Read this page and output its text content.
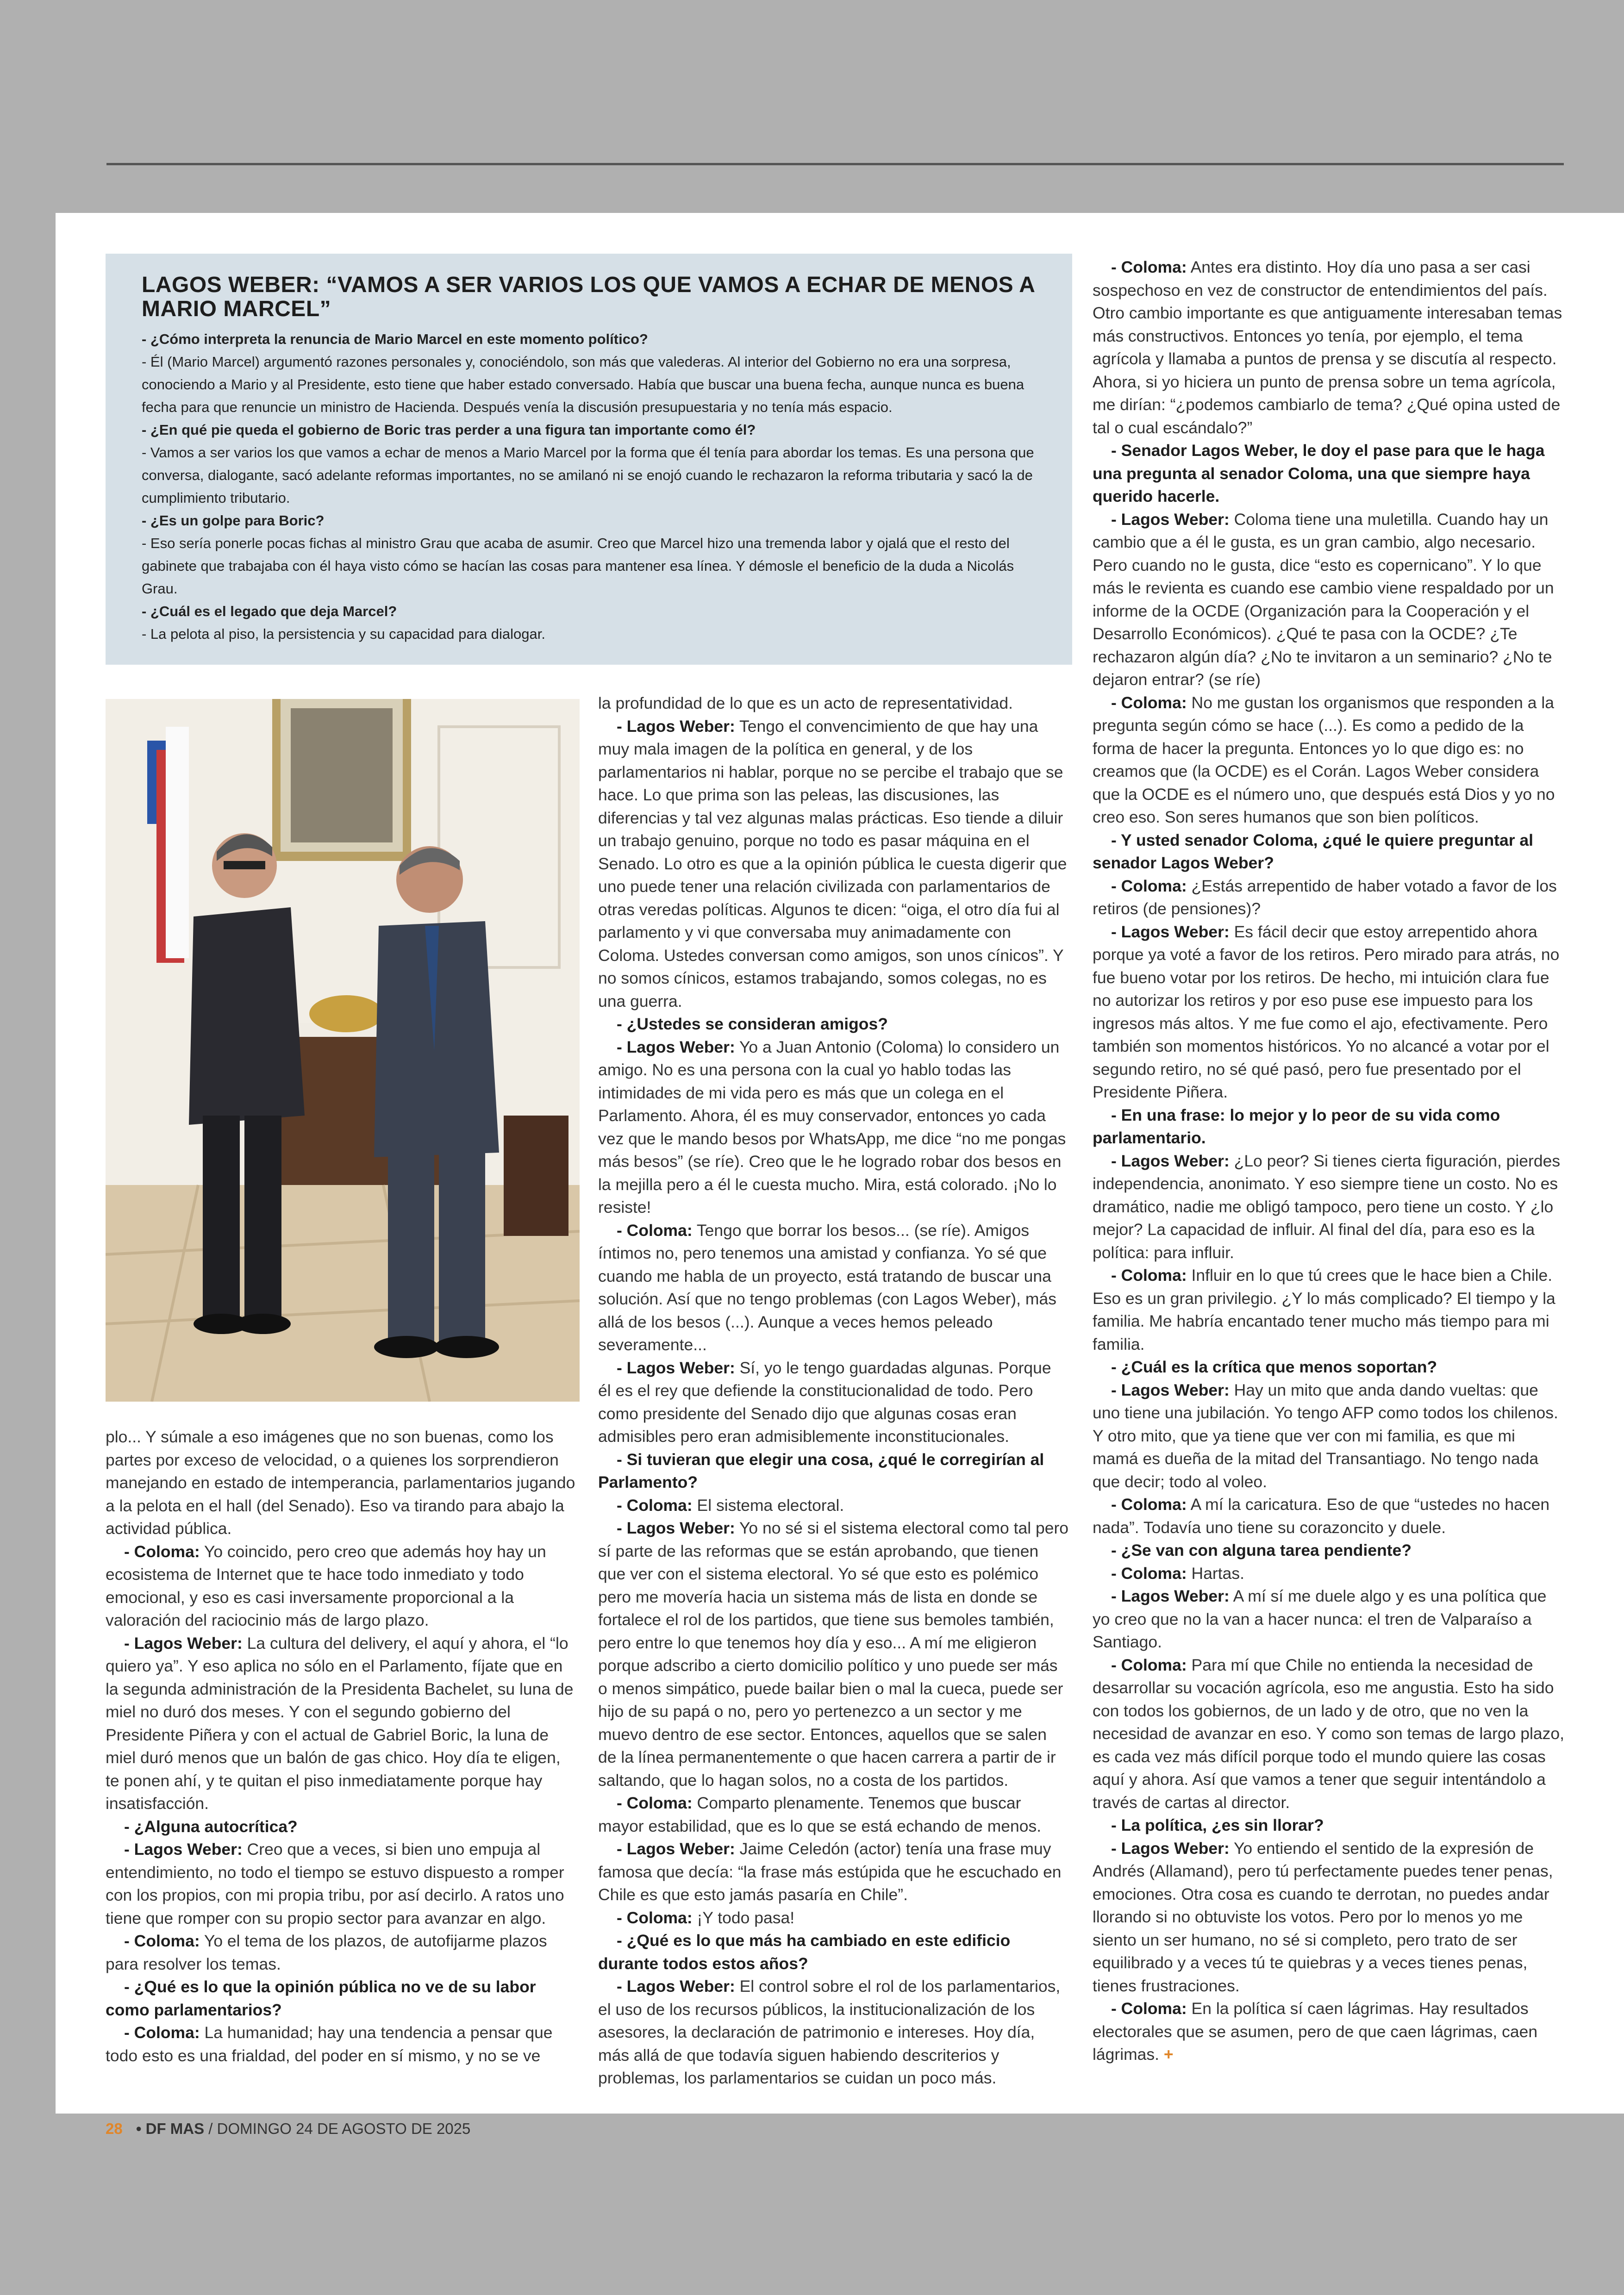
LAGOS WEBER: “VAMOS A SER VARIOS LOS QUE VAMOS A ECHAR DE MENOS A MARIO MARCEL”

- ¿Cómo interpreta la renuncia de Mario Marcel en este momento político?

- Él (Mario Marcel) argumentó razones personales y, conociéndolo, son más que valederas. Al interior del Gobierno no era una sorpresa, conociendo a Mario y al Presidente, esto tiene que haber estado conversado. Había que buscar una buena fecha, aunque nunca es buena fecha para que renuncie un ministro de Hacienda. Después venía la discusión presupuestaria y no tenía más espacio.

- ¿En qué pie queda el gobierno de Boric tras perder a una figura tan importante como él?

- Vamos a ser varios los que vamos a echar de menos a Mario Marcel por la forma que él tenía para abordar los temas. Es una persona que conversa, dialogante, sacó adelante reformas importantes, no se amilanó ni se enojó cuando le rechazaron la reforma tributaria y sacó la de cumplimiento tributario.

- ¿Es un golpe para Boric?

- Eso sería ponerle pocas fichas al ministro Grau que acaba de asumir. Creo que Marcel hizo una tremenda labor y ojalá que el resto del gabinete que trabajaba con él haya visto cómo se hacían las cosas para mantener esa línea. Y démosle el beneficio de la duda a Nicolás Grau.

- ¿Cuál es el legado que deja Marcel?

- La pelota al piso, la persistencia y su capacidad para dialogar.

plo... Y súmale a eso imágenes que no son buenas, como los partes por exceso de velocidad, o a quienes los sorprendieron manejando en estado de intemperancia, parlamentarios jugando a la pelota en el hall (del Senado). Eso va tirando para abajo la actividad pública.

- Coloma: Yo coincido, pero creo que además hoy hay un ecosistema de Internet que te hace todo inmediato y todo emocional, y eso es casi inversamente proporcional a la valoración del raciocinio más de largo plazo.

- Lagos Weber: La cultura del delivery, el aquí y ahora, el “lo quiero ya”. Y eso aplica no sólo en el Parlamento, fíjate que en la segunda administración de la Presidenta Bachelet, su luna de miel no duró dos meses. Y con el segundo gobierno del Presidente Piñera y con el actual de Gabriel Boric, la luna de miel duró menos que un balón de gas chico. Hoy día te eligen, te ponen ahí, y te quitan el piso inmediatamente porque hay insatisfacción.

- ¿Alguna autocrítica?

- Lagos Weber: Creo que a veces, si bien uno empuja al entendimiento, no todo el tiempo se estuvo dispuesto a romper con los propios, con mi propia tribu, por así decirlo. A ratos uno tiene que romper con su propio sector para avanzar en algo.

- Coloma: Yo el tema de los plazos, de autofijarme plazos para resolver los temas.

- ¿Qué es lo que la opinión pública no ve de su labor como parlamentarios?

- Coloma: La humanidad; hay una tendencia a pensar que todo esto es una frialdad, del poder en sí mismo, y no se ve

la profundidad de lo que es un acto de representatividad.

- Lagos Weber: Tengo el convencimiento de que hay una muy mala imagen de la política en general, y de los parlamentarios ni hablar, porque no se percibe el trabajo que se hace. Lo que prima son las peleas, las discusiones, las diferencias y tal vez algunas malas prácticas. Eso tiende a diluir un trabajo genuino, porque no todo es pasar máquina en el Senado. Lo otro es que a la opinión pública le cuesta digerir que uno puede tener una relación civilizada con parlamentarios de otras veredas políticas. Algunos te dicen: “oiga, el otro día fui al parlamento y vi que conversaba muy animadamente con Coloma. Ustedes conversan como amigos, son unos cínicos”. Y no somos cínicos, estamos trabajando, somos colegas, no es una guerra.

- ¿Ustedes se consideran amigos?

- Lagos Weber: Yo a Juan Antonio (Coloma) lo considero un amigo. No es una persona con la cual yo hablo todas las intimidades de mi vida pero es más que un colega en el Parlamento. Ahora, él es muy conservador, entonces yo cada vez que le mando besos por WhatsApp, me dice “no me pongas más besos” (se ríe). Creo que le he logrado robar dos besos en la mejilla pero a él le cuesta mucho. Mira, está colorado. ¡No lo resiste!

- Coloma: Tengo que borrar los besos... (se ríe). Amigos íntimos no, pero tenemos una amistad y confianza. Yo sé que cuando me habla de un proyecto, está tratando de buscar una solución. Así que no tengo problemas (con Lagos Weber), más allá de los besos (...). Aunque a veces hemos peleado severamente...

- Lagos Weber: Sí, yo le tengo guardadas algunas. Porque él es el rey que defiende la constitucionalidad de todo. Pero como presidente del Senado dijo que algunas cosas eran admisibles pero eran admisiblemente inconstitucionales.

- Si tuvieran que elegir una cosa, ¿qué le corregirían al Parlamento?

- Coloma: El sistema electoral.

- Lagos Weber: Yo no sé si el sistema electoral como tal pero sí parte de las reformas que se están aprobando, que tienen que ver con el sistema electoral. Yo sé que esto es polémico pero me movería hacia un sistema más de lista en donde se fortalece el rol de los partidos, que tiene sus bemoles también, pero entre lo que tenemos hoy día y eso... A mí me eligieron porque adscribo a cierto domicilio político y uno puede ser más o menos simpático, puede bailar bien o mal la cueca, puede ser hijo de su papá o no, pero yo pertenezco a un sector y me muevo dentro de ese sector. Entonces, aquellos que se salen de la línea permanentemente o que hacen carrera a partir de ir saltando, que lo hagan solos, no a costa de los partidos.

- Coloma: Comparto plenamente. Tenemos que buscar mayor estabilidad, que es lo que se está echando de menos.

- Lagos Weber: Jaime Celedón (actor) tenía una frase muy famosa que decía: “la frase más estúpida que he escuchado en Chile es que esto jamás pasaría en Chile”.

- Coloma: ¡Y todo pasa!

- ¿Qué es lo que más ha cambiado en este edificio durante todos estos años?

- Lagos Weber: El control sobre el rol de los parlamentarios, el uso de los recursos públicos, la institucionalización de los asesores, la declaración de patrimonio e intereses. Hoy día, más allá de que todavía siguen habiendo descriterios y problemas, los parlamentarios se cuidan un poco más.

- Coloma: Antes era distinto. Hoy día uno pasa a ser casi sospechoso en vez de constructor de entendimientos del país. Otro cambio importante es que antiguamente interesaban temas más constructivos. Entonces yo tenía, por ejemplo, el tema agrícola y llamaba a puntos de prensa y se discutía al respecto. Ahora, si yo hiciera un punto de prensa sobre un tema agrícola, me dirían: “¿podemos cambiarlo de tema? ¿Qué opina usted de tal o cual escándalo?”

- Senador Lagos Weber, le doy el pase para que le haga una pregunta al senador Coloma, una que siempre haya querido hacerle.

- Lagos Weber: Coloma tiene una muletilla. Cuando hay un cambio que a él le gusta, es un gran cambio, algo necesario. Pero cuando no le gusta, dice “esto es copernicano”. Y lo que más le revienta es cuando ese cambio viene respaldado por un informe de la OCDE (Organización para la Cooperación y el Desarrollo Económicos). ¿Qué te pasa con la OCDE? ¿Te rechazaron algún día? ¿No te invitaron a un seminario? ¿No te dejaron entrar? (se ríe)

- Coloma: No me gustan los organismos que responden a la pregunta según cómo se hace (...). Es como a pedido de la forma de hacer la pregunta. Entonces yo lo que digo es: no creamos que (la OCDE) es el Corán. Lagos Weber considera que la OCDE es el número uno, que después está Dios y yo no creo eso. Son seres humanos que son bien políticos.

- Y usted senador Coloma, ¿qué le quiere preguntar al senador Lagos Weber?

- Coloma: ¿Estás arrepentido de haber votado a favor de los retiros (de pensiones)?

- Lagos Weber: Es fácil decir que estoy arrepentido ahora porque ya voté a favor de los retiros. Pero mirado para atrás, no fue bueno votar por los retiros. De hecho, mi intuición clara fue no autorizar los retiros y por eso puse ese impuesto para los ingresos más altos. Y me fue como el ajo, efectivamente. Pero también son momentos históricos. Yo no alcancé a votar por el segundo retiro, no sé qué pasó, pero fue presentado por el Presidente Piñera.

- En una frase: lo mejor y lo peor de su vida como parlamentario.

- Lagos Weber: ¿Lo peor? Si tienes cierta figuración, pierdes independencia, anonimato. Y eso siempre tiene un costo. No es dramático, nadie me obligó tampoco, pero tiene un costo. Y ¿lo mejor? La capacidad de influir. Al final del día, para eso es la política: para influir.

- Coloma: Influir en lo que tú crees que le hace bien a Chile. Eso es un gran privilegio. ¿Y lo más complicado? El tiempo y la familia. Me habría encantado tener mucho más tiempo para mi familia.

- ¿Cuál es la crítica que menos soportan?

- Lagos Weber: Hay un mito que anda dando vueltas: que uno tiene una jubilación. Yo tengo AFP como todos los chilenos. Y otro mito, que ya tiene que ver con mi familia, es que mi mamá es dueña de la mitad del Transantiago. No tengo nada que decir; todo al voleo.

- Coloma: A mí la caricatura. Eso de que “ustedes no hacen nada”. Todavía uno tiene su corazoncito y duele.

- ¿Se van con alguna tarea pendiente?

- Coloma: Hartas.

- Lagos Weber: A mí sí me duele algo y es una política que yo creo que no la van a hacer nunca: el tren de Valparaíso a Santiago.

- Coloma: Para mí que Chile no entienda la necesidad de desarrollar su vocación agrícola, eso me angustia. Esto ha sido con todos los gobiernos, de un lado y de otro, que no ven la necesidad de avanzar en eso. Y como son temas de largo plazo, es cada vez más difícil porque todo el mundo quiere las cosas aquí y ahora. Así que vamos a tener que seguir intentándolo a través de cartas al director.

- La política, ¿es sin llorar?

- Lagos Weber: Yo entiendo el sentido de la expresión de Andrés (Allamand), pero tú perfectamente puedes tener penas, emociones. Otra cosa es cuando te derrotan, no puedes andar llorando si no obtuviste los votos. Pero por lo menos yo me siento un ser humano, no sé si completo, pero trato de ser equilibrado y a veces tú te quiebras y a veces tienes penas, tienes frustraciones.

- Coloma: En la política sí caen lágrimas. Hay resultados electorales que se asumen, pero de que caen lágrimas, caen lágrimas. +

28 • DF MAS / DOMINGO 24 DE AGOSTO DE 2025
